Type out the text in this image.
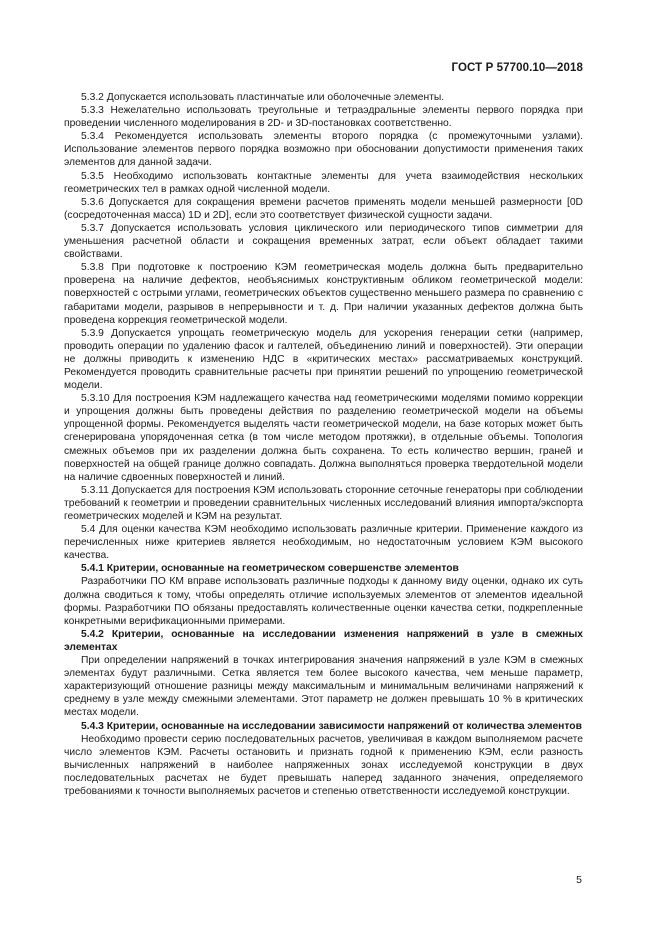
ГОСТ Р 57700.10—2018

5.3.2 Допускается использовать пластинчатые или оболочечные элементы.

5.3.3 Нежелательно использовать треугольные и тетраэдральные элементы первого порядка при проведении численного моделирования в 2D- и 3D-постановках соответственно.

5.3.4 Рекомендуется использовать элементы второго порядка (с промежуточными узлами). Использование элементов первого порядка возможно при обосновании допустимости применения таких элементов для данной задачи.

5.3.5 Необходимо использовать контактные элементы для учета взаимодействия нескольких геометрических тел в рамках одной численной модели.

5.3.6 Допускается для сокращения времени расчетов применять модели меньшей размерности [0D (сосредоточенная масса) 1D и 2D], если это соответствует физической сущности задачи.

5.3.7 Допускается использовать условия циклического или периодического типов симметрии для уменьшения расчетной области и сокращения временных затрат, если объект обладает такими свойствами.

5.3.8 При подготовке к построению КЭМ геометрическая модель должна быть предварительно проверена на наличие дефектов, необъяснимых конструктивным обликом геометрической модели: поверхностей с острыми углами, геометрических объектов существенно меньшего размера по сравнению с габаритами модели, разрывов в непрерывности и т. д. При наличии указанных дефектов должна быть проведена коррекция геометрической модели.

5.3.9 Допускается упрощать геометрическую модель для ускорения генерации сетки (например, проводить операции по удалению фасок и галтелей, объединению линий и поверхностей). Эти операции не должны приводить к изменению НДС в «критических местах» рассматриваемых конструкций. Рекомендуется проводить сравнительные расчеты при принятии решений по упрощению геометрической модели.

5.3.10 Для построения КЭМ надлежащего качества над геометрическими моделями помимо коррекции и упрощения должны быть проведены действия по разделению геометрической модели на объемы упрощенной формы. Рекомендуется выделять части геометрической модели, на базе которых может быть сгенерирована упорядоченная сетка (в том числе методом протяжки), в отдельные объемы. Топология смежных объемов при их разделении должна быть сохранена. То есть количество вершин, граней и поверхностей на общей границе должно совпадать. Должна выполняться проверка твердотельной модели на наличие сдвоенных поверхностей и линий.

5.3.11 Допускается для построения КЭМ использовать сторонние сеточные генераторы при соблюдении требований к геометрии и проведении сравнительных численных исследований влияния импорта/экспорта геометрических моделей и КЭМ на результат.

5.4 Для оценки качества КЭМ необходимо использовать различные критерии. Применение каждого из перечисленных ниже критериев является необходимым, но недостаточным условием КЭМ высокого качества.

5.4.1 Критерии, основанные на геометрическом совершенстве элементов

Разработчики ПО КМ вправе использовать различные подходы к данному виду оценки, однако их суть должна сводиться к тому, чтобы определять отличие используемых элементов от элементов идеальной формы. Разработчики ПО обязаны предоставлять количественные оценки качества сетки, подкрепленные конкретными верификационными примерами.

5.4.2 Критерии, основанные на исследовании изменения напряжений в узле в смежных элементах

При определении напряжений в точках интегрирования значения напряжений в узле КЭМ в смежных элементах будут различными. Сетка является тем более высокого качества, чем меньше параметр, характеризующий отношение разницы между максимальным и минимальным величинами напряжений к среднему в узле между смежными элементами. Этот параметр не должен превышать 10 % в критических местах модели.

5.4.3 Критерии, основанные на исследовании зависимости напряжений от количества элементов

Необходимо провести серию последовательных расчетов, увеличивая в каждом выполняемом расчете число элементов КЭМ. Расчеты остановить и признать годной к применению КЭМ, если разность вычисленных напряжений в наиболее напряженных зонах исследуемой конструкции в двух последовательных расчетах не будет превышать наперед заданного значения, определяемого требованиями к точности выполняемых расчетов и степенью ответственности исследуемой конструкции.

5
